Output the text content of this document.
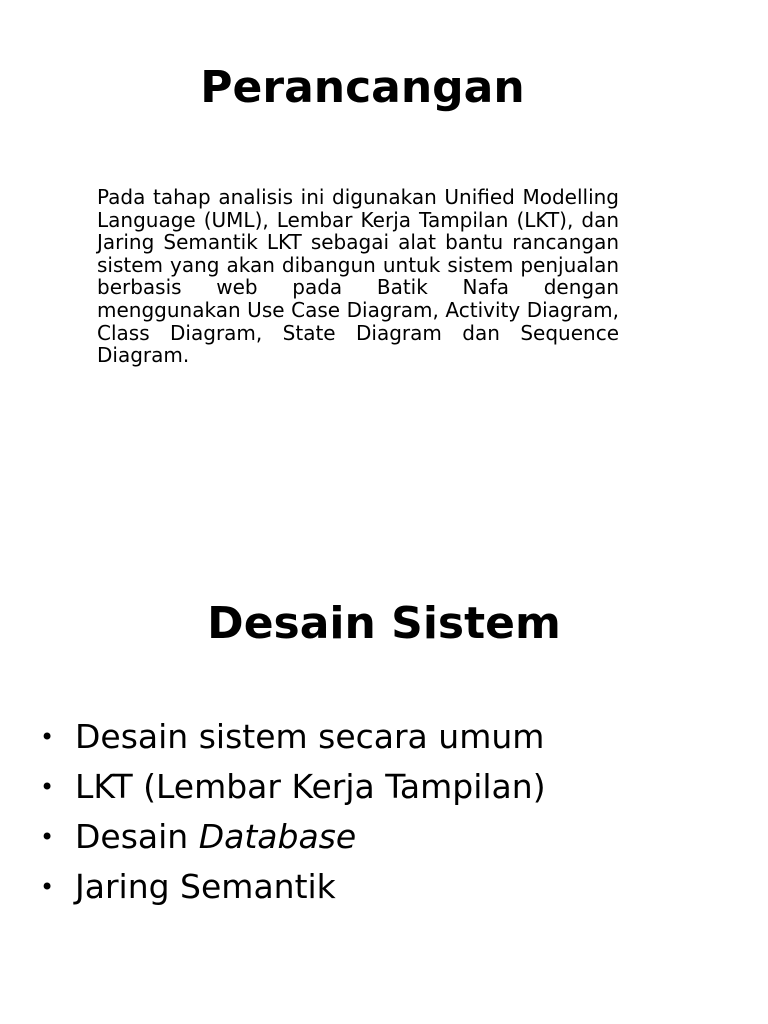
Perancangan

Pada tahap analisis ini digunakan Unified Modelling Language (UML), Lembar Kerja Tampilan (LKT), dan Jaring Semantik LKT sebagai alat bantu rancangan sistem yang akan dibangun untuk sistem penjualan berbasis web pada Batik Nafa dengan menggunakan Use Case Diagram, Activity Diagram, Class Diagram, State Diagram dan Sequence Diagram.

Desain Sistem
• Desain sistem secara umum
• LKT (Lembar Kerja Tampilan)
• Desain Database
• Jaring Semantik
